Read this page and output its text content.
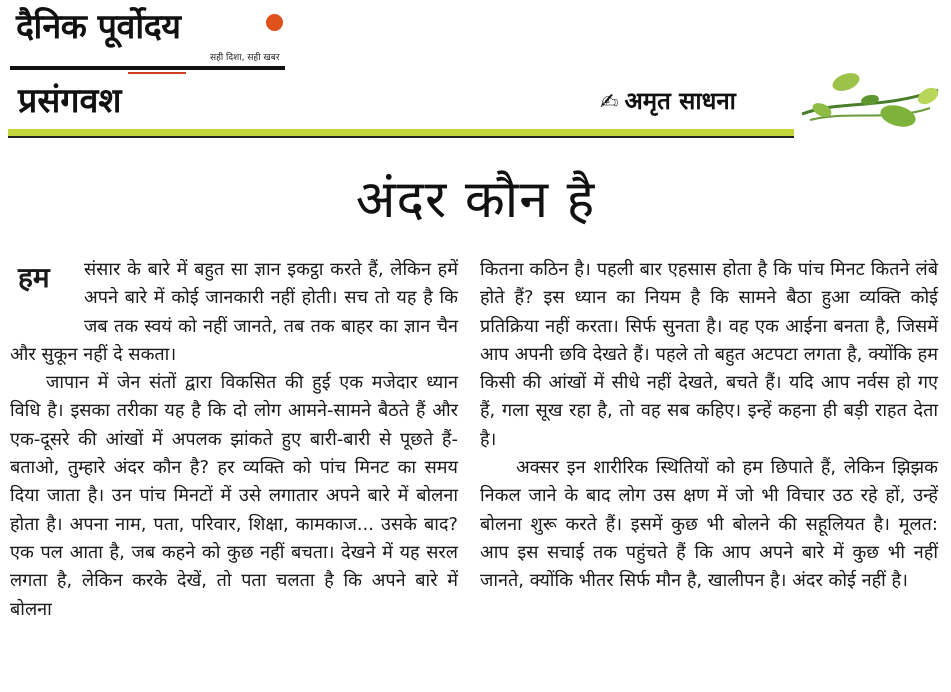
दैनिक पूर्वोदय
सही दिशा, सही खबर
प्रसंगवश	✍ अमृत साधना
अंदर कौन है
हम	संसार के बारे में बहुत सा ज्ञान इकट्ठा करते हैं, लेकिन हमें अपने बारे में कोई जानकारी नहीं होती। सच तो यह है कि जब तक स्वयं को नहीं जानते, तब तक बाहर का ज्ञान चैन और सुकून नहीं दे सकता।

जापान में जेन संतों द्वारा विकसित की हुई एक मजेदार ध्यान विधि है। इसका तरीका यह है कि दो लोग आमने-सामने बैठते हैं और एक-दूसरे की आंखों में अपलक झांकते हुए बारी-बारी से पूछते हैं- बताओ, तुम्हारे अंदर कौन है? हर व्यक्ति को पांच मिनट का समय दिया जाता है। उन पांच मिनटों में उसे लगातार अपने बारे में बोलना होता है। अपना नाम, पता, परिवार, शिक्षा, कामकाज... उसके बाद? एक पल आता है, जब कहने को कुछ नहीं बचता। देखने में यह सरल लगता है, लेकिन करके देखें, तो पता चलता है कि अपने बारे में बोलना

कितना कठिन है। पहली बार एहसास होता है कि पांच मिनट कितने लंबे होते हैं? इस ध्यान का नियम है कि सामने बैठा हुआ व्यक्ति कोई प्रतिक्रिया नहीं करता। सिर्फ सुनता है। वह एक आईना बनता है, जिसमें आप अपनी छवि देखते हैं। पहले तो बहुत अटपटा लगता है, क्योंकि हम किसी की आंखों में सीधे नहीं देखते, बचते हैं। यदि आप नर्वस हो गए हैं, गला सूख रहा है, तो वह सब कहिए। इन्हें कहना ही बड़ी राहत देता है।

अक्सर इन शारीरिक स्थितियों को हम छिपाते हैं, लेकिन झिझक निकल जाने के बाद लोग उस क्षण में जो भी विचार उठ रहे हों, उन्हें बोलना शुरू करते हैं। इसमें कुछ भी बोलने की सहूलियत है। मूलत: आप इस सचाई तक पहुंचते हैं कि आप अपने बारे में कुछ भी नहीं जानते, क्योंकि भीतर सिर्फ मौन है, खालीपन है। अंदर कोई नहीं है।
